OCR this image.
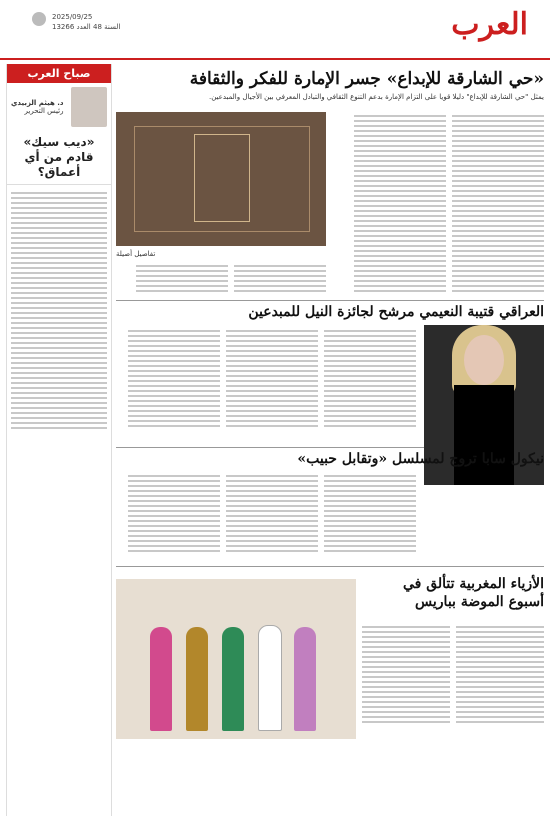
العرب
2025/09/25
السنة 48 العدد 13266
صباح العرب
د. هيثم الزبيدي
رئيس التحرير
«ديب سيك» قادم من أي أعماق؟
«حي الشارقة للإبداع» جسر الإمارة للفكر والثقافة
يمثل "حي الشارقة للإبداع" دليلا قويا على التزام الإمارة بدعم التنوع الثقافي والتبادل المعرفي بين الأجيال والمبدعين.
تفاصيل أصيلة
العراقي قتيبة النعيمي مرشح لجائزة النيل للمبدعين
نيكول سابا تروج لمسلسل «وتقابل حبيب»
الأزياء المغربية تتألق في أسبوع الموضة بباريس
